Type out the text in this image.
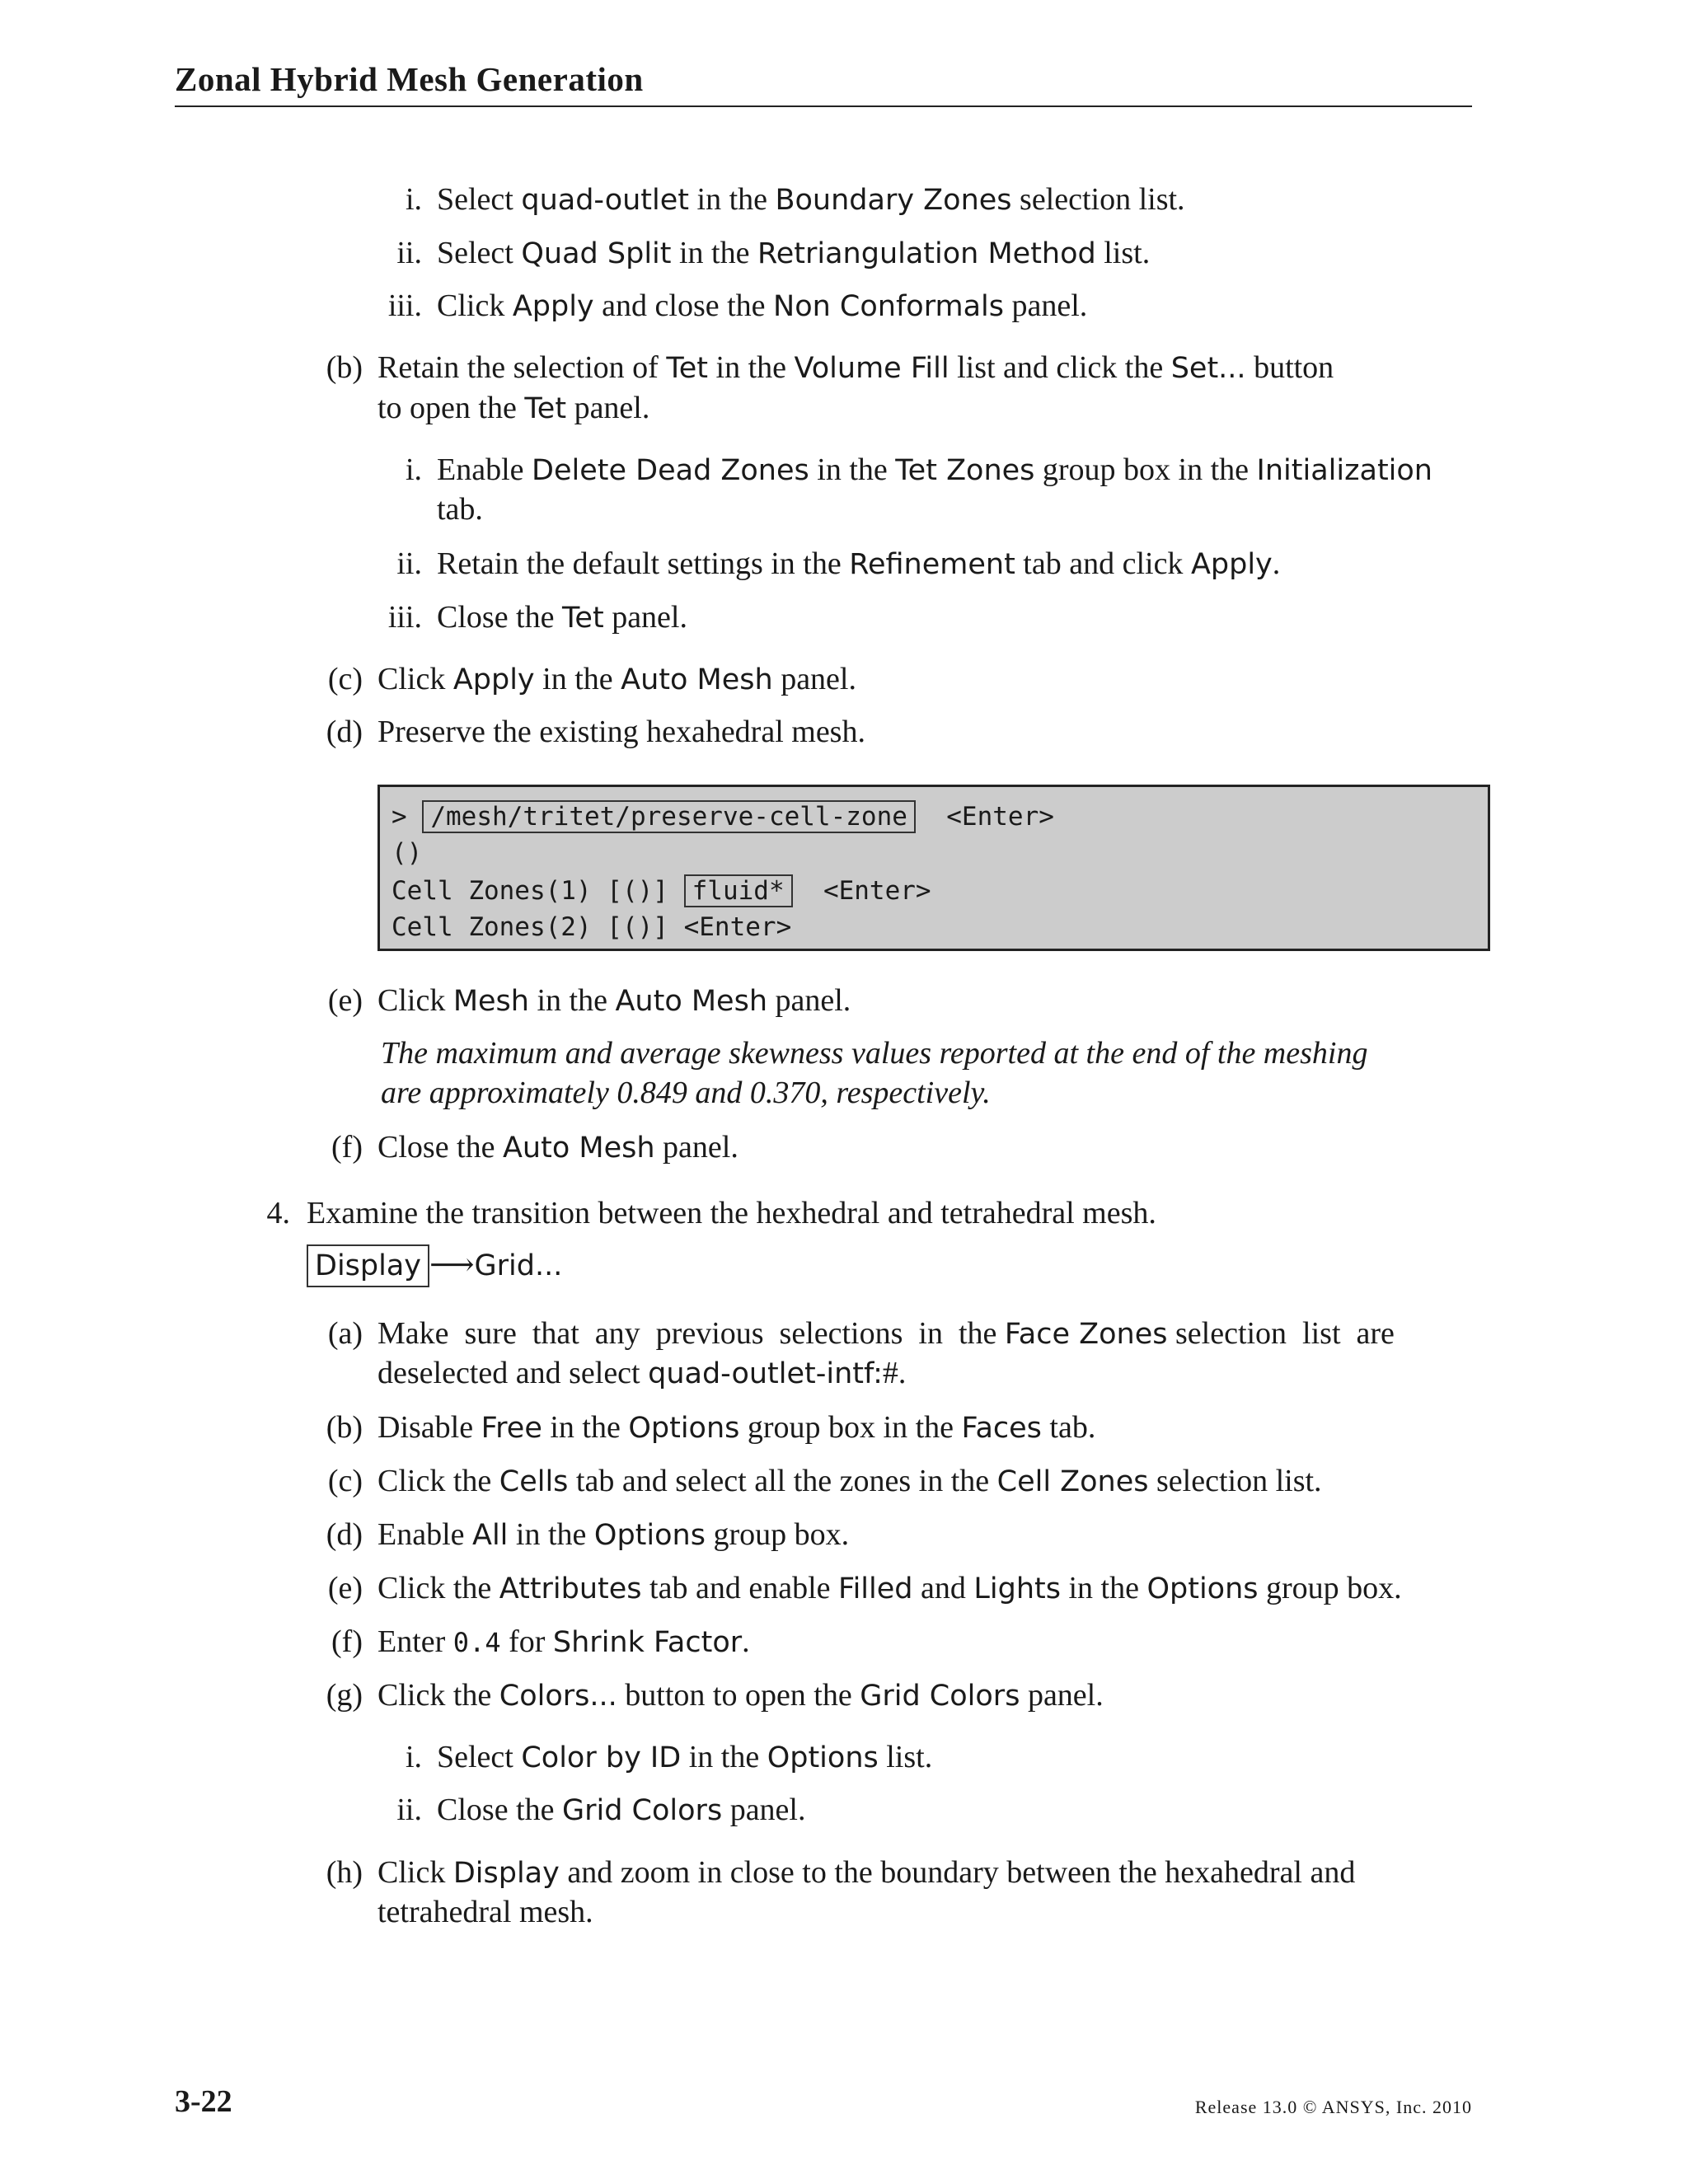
Zonal Hybrid Mesh Generation
i. Select quad-outlet in the Boundary Zones selection list.
ii. Select Quad Split in the Retriangulation Method list.
iii. Click Apply and close the Non Conformals panel.
(b) Retain the selection of Tet in the Volume Fill list and click the Set... button
to open the Tet panel.
i. Enable Delete Dead Zones in the Tet Zones group box in the Initialization
tab.
ii. Retain the default settings in the Refinement tab and click Apply.
iii. Close the Tet panel.
(c) Click Apply in the Auto Mesh panel.
(d) Preserve the existing hexahedral mesh.
> /mesh/tritet/preserve-cell-zone <Enter>
()
Cell Zones(1) [()] fluid* <Enter>
Cell Zones(2) [()] <Enter>
(e) Click Mesh in the Auto Mesh panel.
The maximum and average skewness values reported at the end of the meshing
are approximately 0.849 and 0.370, respectively.
(f) Close the Auto Mesh panel.
4. Examine the transition between the hexhedral and tetrahedral mesh.
Display ⟶Grid...
(a) Make  sure  that  any  previous  selections  in  the Face Zones selection  list  are
deselected and select quad-outlet-intf:#.
(b) Disable Free in the Options group box in the Faces tab.
(c) Click the Cells tab and select all the zones in the Cell Zones selection list.
(d) Enable All in the Options group box.
(e) Click the Attributes tab and enable Filled and Lights in the Options group box.
(f) Enter 0.4 for Shrink Factor.
(g) Click the Colors... button to open the Grid Colors panel.
i. Select Color by ID in the Options list.
ii. Close the Grid Colors panel.
(h) Click Display and zoom in close to the boundary between the hexahedral and
tetrahedral mesh.
3-22	Release 13.0 © ANSYS, Inc. 2010
